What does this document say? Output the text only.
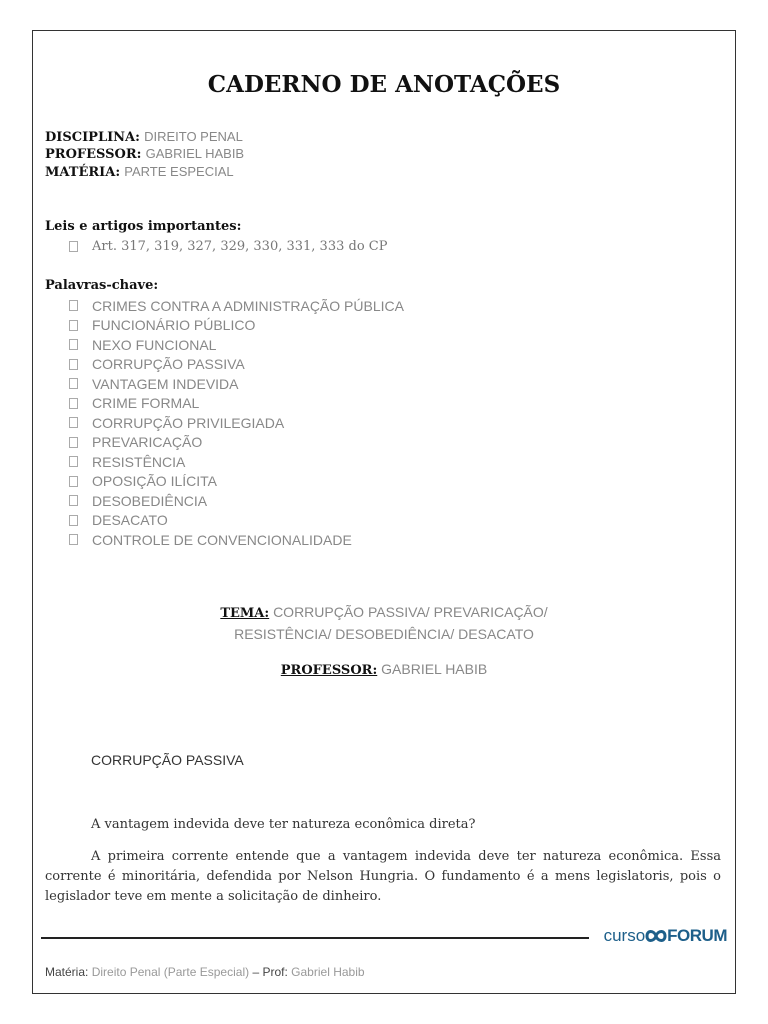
CADERNO DE ANOTAÇÕES
DISCIPLINA: DIREITO PENAL
PROFESSOR: GABRIEL HABIB
MATÉRIA: PARTE ESPECIAL
Leis e artigos importantes:
Art. 317, 319, 327, 329, 330, 331, 333 do CP
Palavras-chave:
CRIMES CONTRA A ADMINISTRAÇÃO PÚBLICA
FUNCIONÁRIO PÚBLICO
NEXO FUNCIONAL
CORRUPÇÃO PASSIVA
VANTAGEM INDEVIDA
CRIME FORMAL
CORRUPÇÃO PRIVILEGIADA
PREVARICAÇÃO
RESISTÊNCIA
OPOSIÇÃO ILÍCITA
DESOBEDIÊNCIA
DESACATO
CONTROLE DE CONVENCIONALIDADE
TEMA: CORRUPÇÃO PASSIVA/ PREVARICAÇÃO/
RESISTÊNCIA/ DESOBEDIÊNCIA/ DESACATO
PROFESSOR: GABRIEL HABIB
CORRUPÇÃO PASSIVA
A vantagem indevida deve ter natureza econômica direta?
A primeira corrente entende que a vantagem indevida deve ter natureza econômica. Essa corrente é minoritária, defendida por Nelson Hungria. O fundamento é a mens legislatoris, pois o legislador teve em mente a solicitação de dinheiro.
curso FORUM
Matéria: Direito Penal (Parte Especial) – Prof: Gabriel Habib
